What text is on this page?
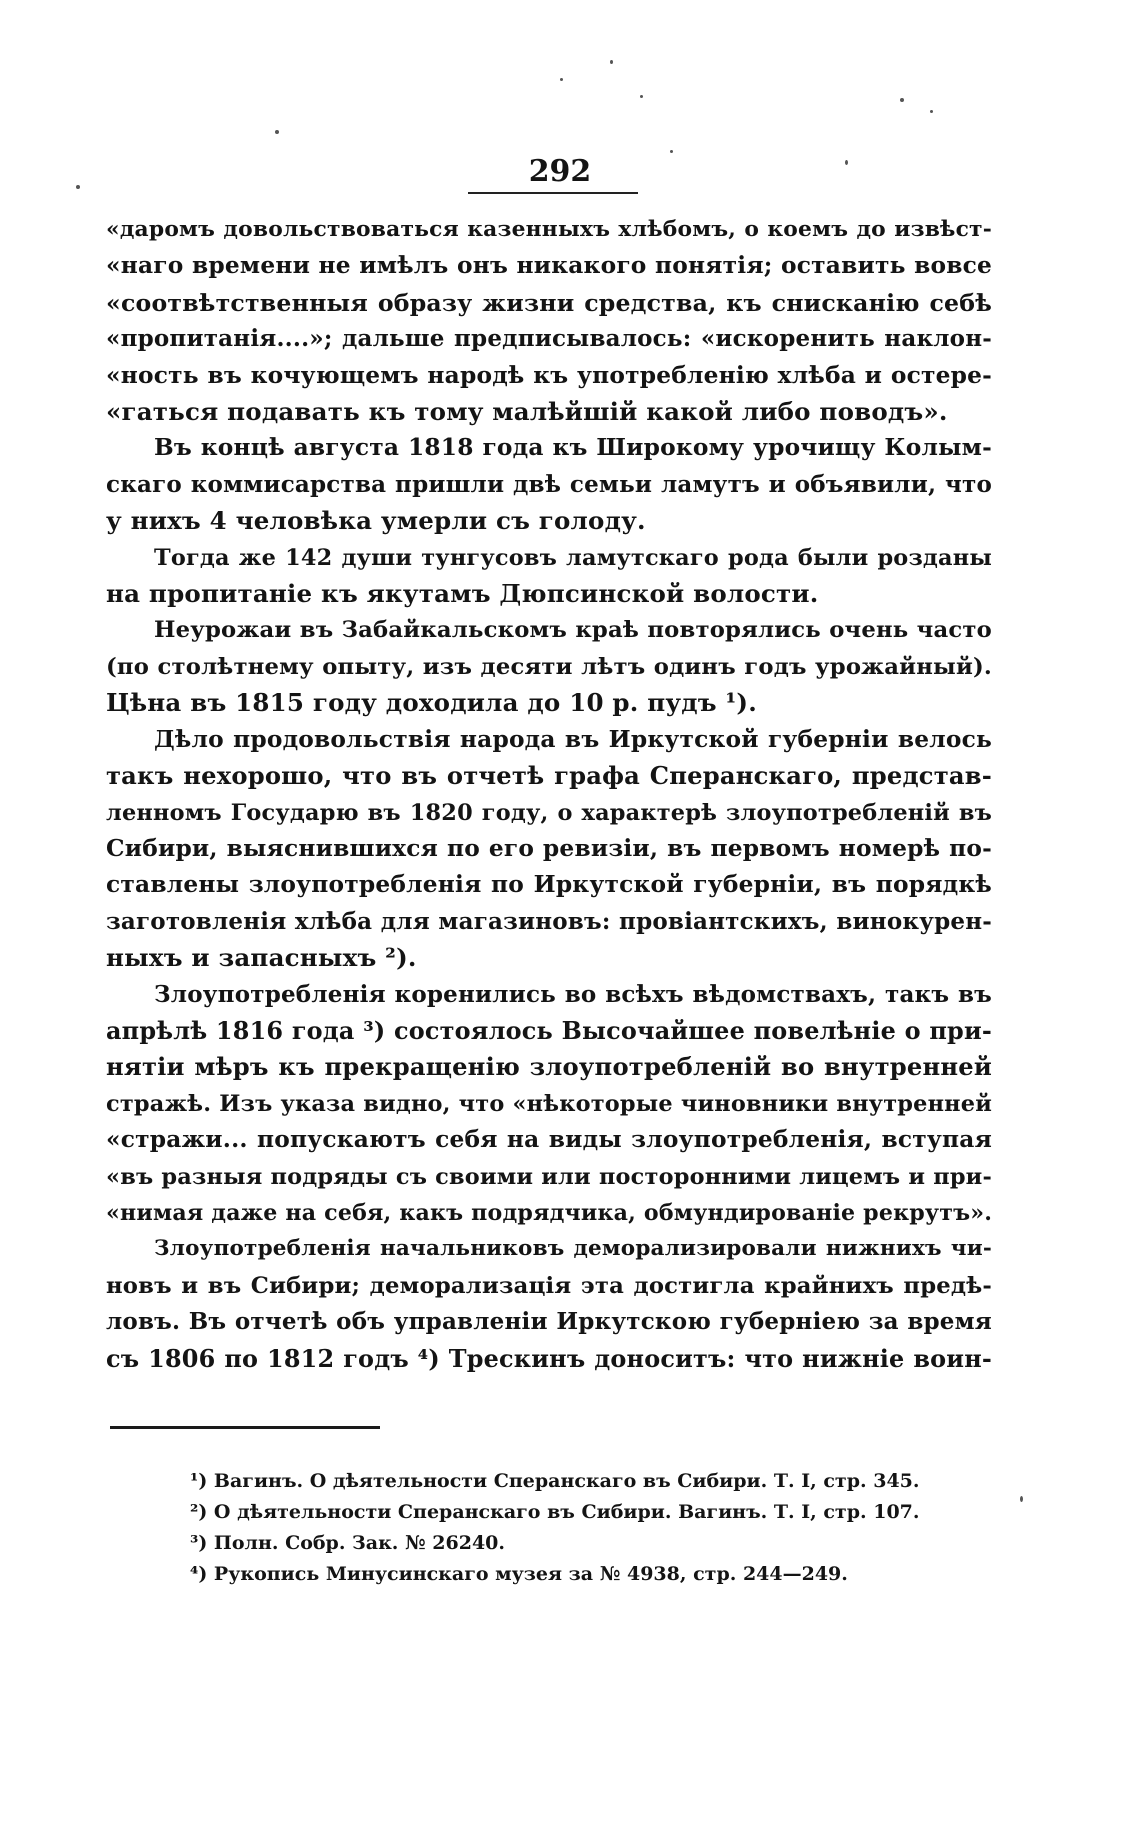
292

«даромъ довольствоваться казенныхъ хлѣбомъ, о коемъ до извѣст-
«наго времени не имѣлъ онъ никакого понятія; оставить вовсе
«соотвѣтственныя образу жизни средства, къ снисканію себѣ
«пропитанія....»; дальше предписывалось: «искоренить наклон-
«ность въ кочующемъ народѣ къ употребленію хлѣба и остере-
«гаться подавать къ тому малѣйшій какой либо поводъ».

Въ концѣ августа 1818 года къ Широкому урочищу Колым-
скаго коммисарства пришли двѣ семьи ламутъ и объявили, что
у нихъ 4 человѣка умерли съ голоду.

Тогда же 142 души тунгусовъ ламутскаго рода были розданы
на пропитаніе къ якутамъ Дюпсинской волости.

Неурожаи въ Забайкальскомъ краѣ повторялись очень часто
(по столѣтнему опыту, изъ десяти лѣтъ одинъ годъ урожайный).
Цѣна въ 1815 году доходила до 10 р. пудъ ¹).

Дѣло продовольствія народа въ Иркутской губерніи велось
такъ нехорошо, что въ отчетѣ графа Сперанскаго, представ-
ленномъ Государю въ 1820 году, о характерѣ злоупотребленій въ
Сибири, выяснившихся по его ревизіи, въ первомъ номерѣ по-
ставлены злоупотребленія по Иркутской губерніи, въ порядкѣ
заготовленія хлѣба для магазиновъ: провіантскихъ, винокурен-
ныхъ и запасныхъ ²).

Злоупотребленія коренились во всѣхъ вѣдомствахъ, такъ въ
апрѣлѣ 1816 года ³) состоялось Высочайшее повелѣніе о при-
нятіи мѣръ къ прекращенію злоупотребленій во внутренней
стражѣ. Изъ указа видно, что «нѣкоторые чиновники внутренней
«стражи... попускаютъ себя на виды злоупотребленія, вступая
«въ разныя подряды съ своими или посторонними лицемъ и при-
«нимая даже на себя, какъ подрядчика, обмундированіе рекрутъ».

Злоупотребленія начальниковъ деморализировали нижнихъ чи-
новъ и въ Сибири; деморализація эта достигла крайнихъ предѣ-
ловъ. Въ отчетѣ объ управленіи Иркутскою губерніею за время
съ 1806 по 1812 годъ ⁴) Трескинъ доноситъ: что нижніе воин-

¹) Вагинъ. О дѣятельности Сперанскаго въ Сибири. Т. I, стр. 345.
²) О дѣятельности Сперанскаго въ Сибири. Вагинъ. Т. I, стр. 107.
³) Полн. Собр. Зак. № 26240.
⁴) Рукопись Минусинскаго музея за № 4938, стр. 244—249.
